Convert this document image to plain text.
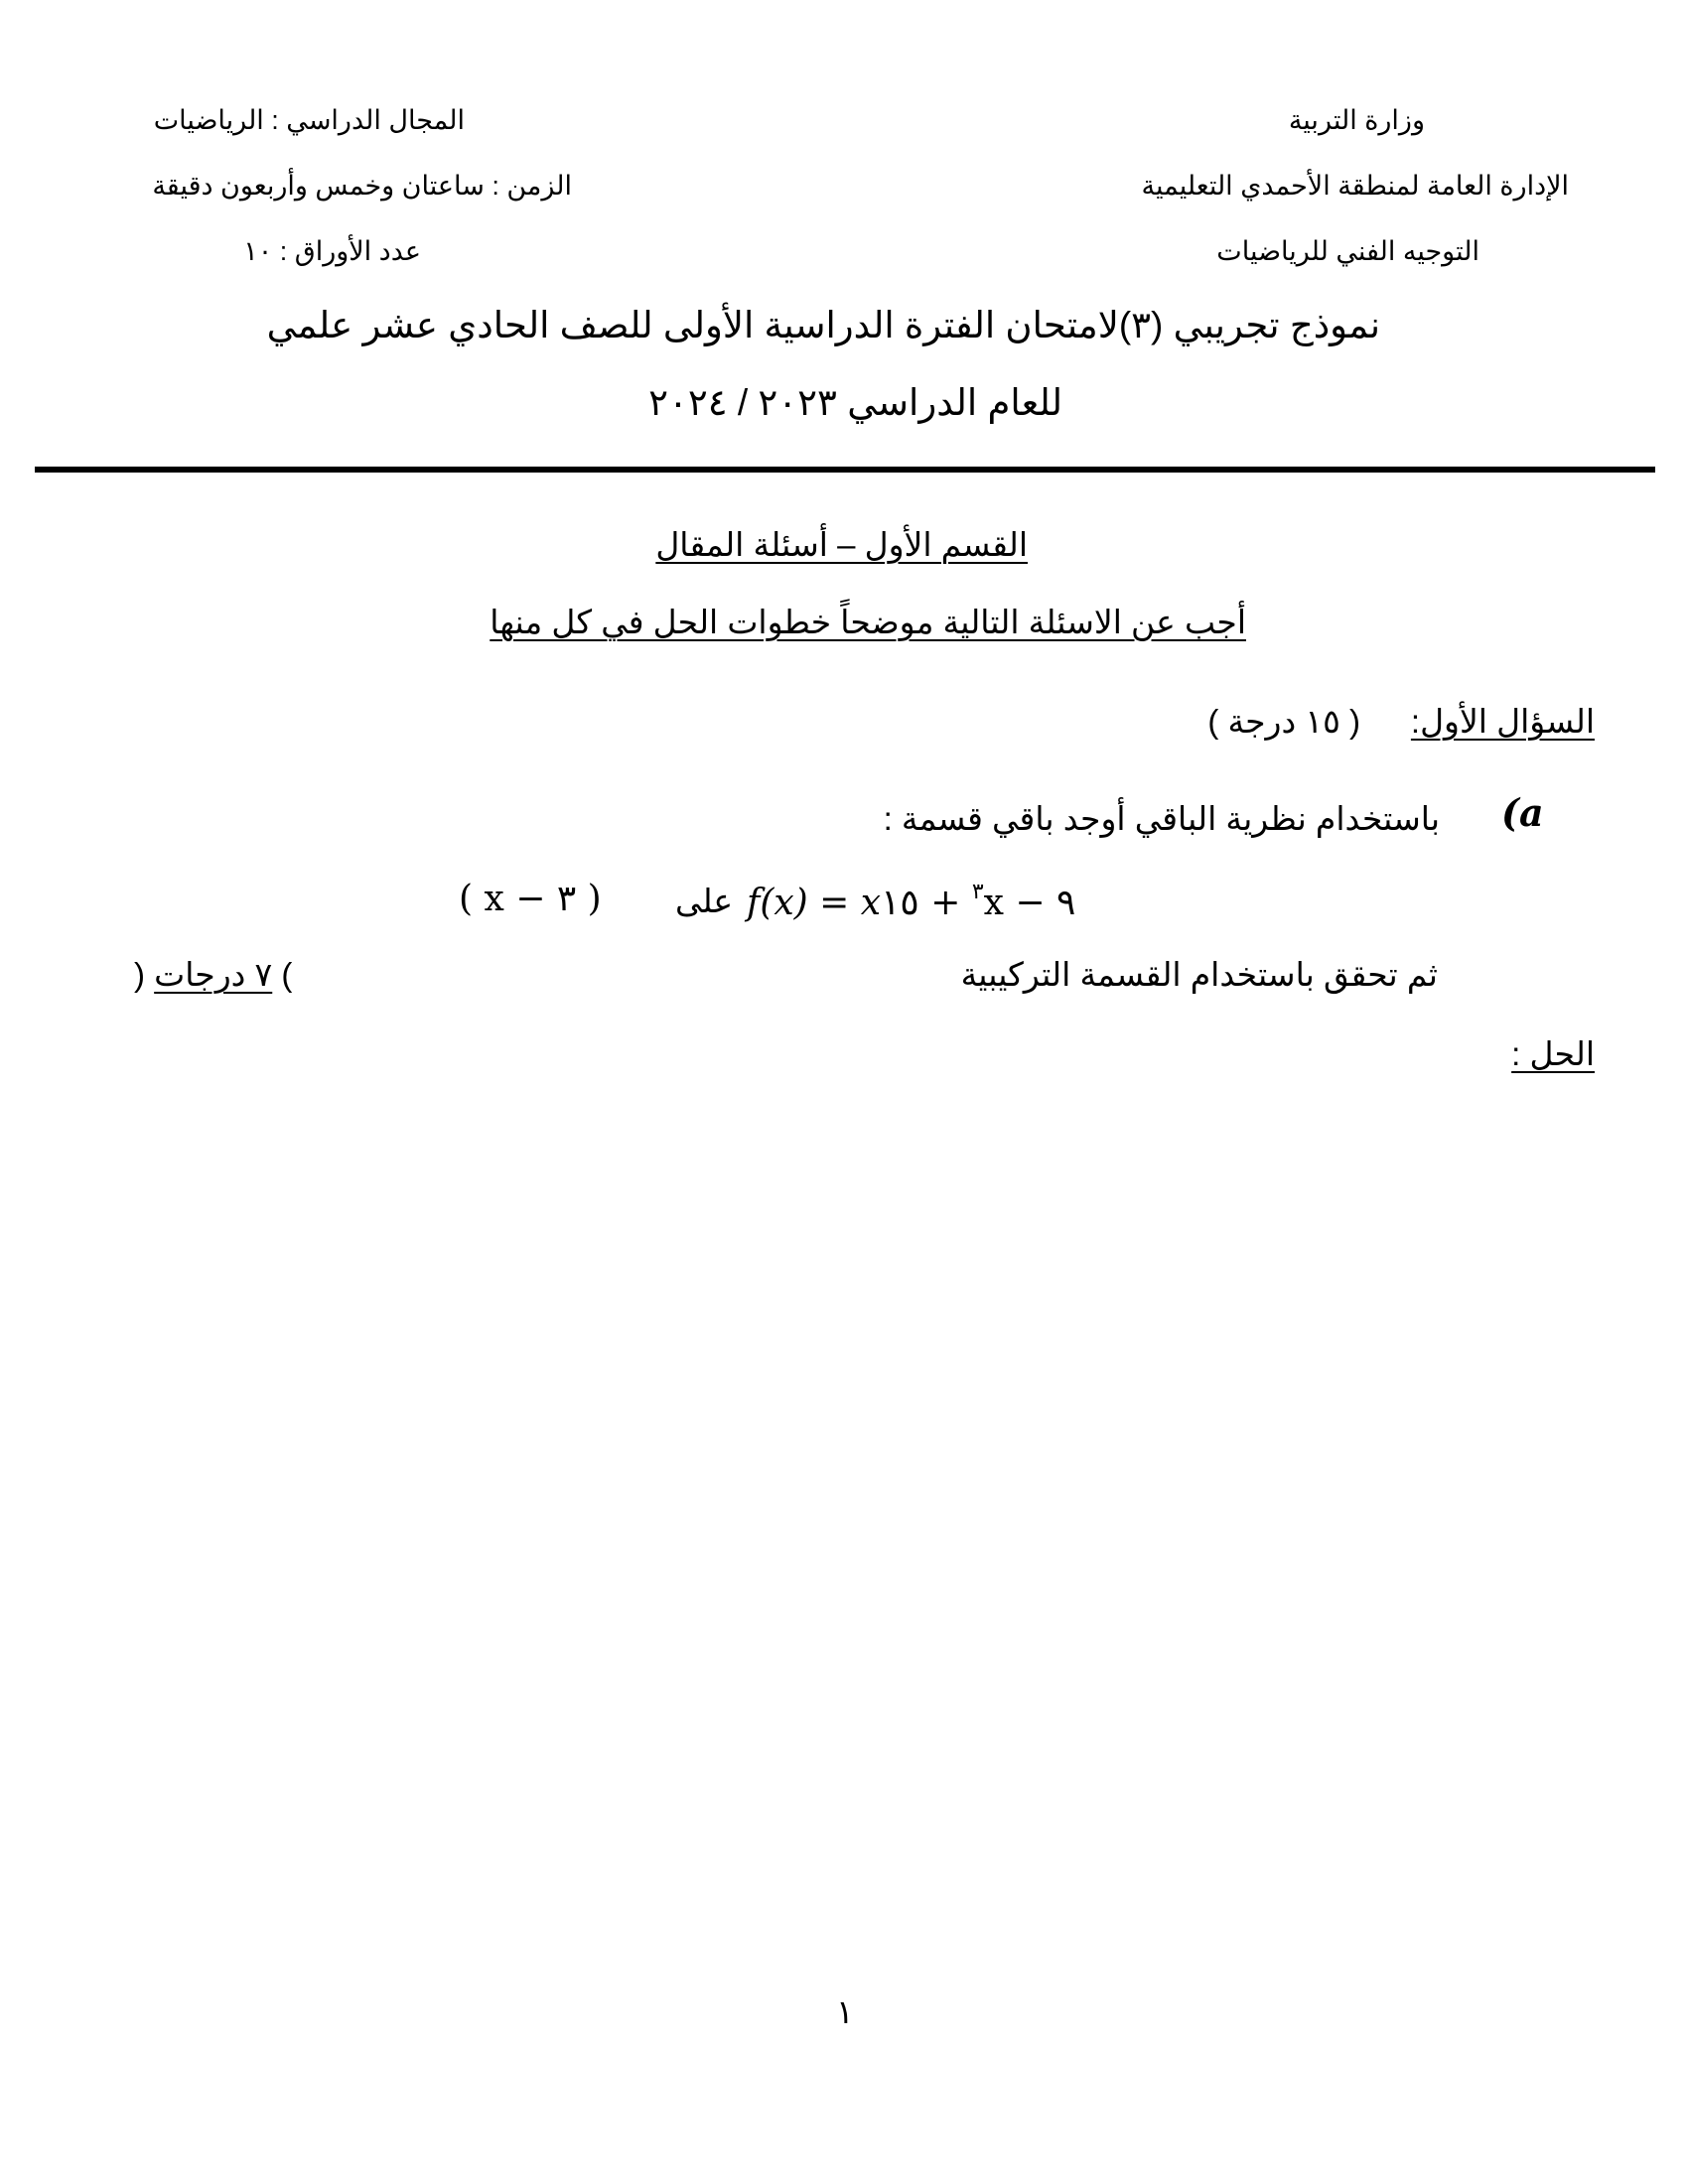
وزارة التربية
الإدارة العامة لمنطقة الأحمدي التعليمية
التوجيه الفني للرياضيات
المجال الدراسي : الرياضيات
الزمن : ساعتان وخمس وأربعون دقيقة
عدد الأوراق : ١٠
نموذج تجريبي (٣)لامتحان الفترة الدراسية الأولى للصف الحادي عشر علمي
للعام الدراسي ٢٠٢٣ / ٢٠٢٤
القسم الأول – أسئلة المقال
أجب عن الاسئلة التالية موضحاً خطوات الحل في كل منها
السؤال الأول:
( ١٥ درجة )
(a
باستخدام نظرية الباقي أوجد باقي قسمة :
( x − ٣ ) على f(x) = x	$^٣$ + ١٥x − ٩
ثم تحقق باستخدام القسمة التركيبية
) ٧ درجات (
الحل :
١
